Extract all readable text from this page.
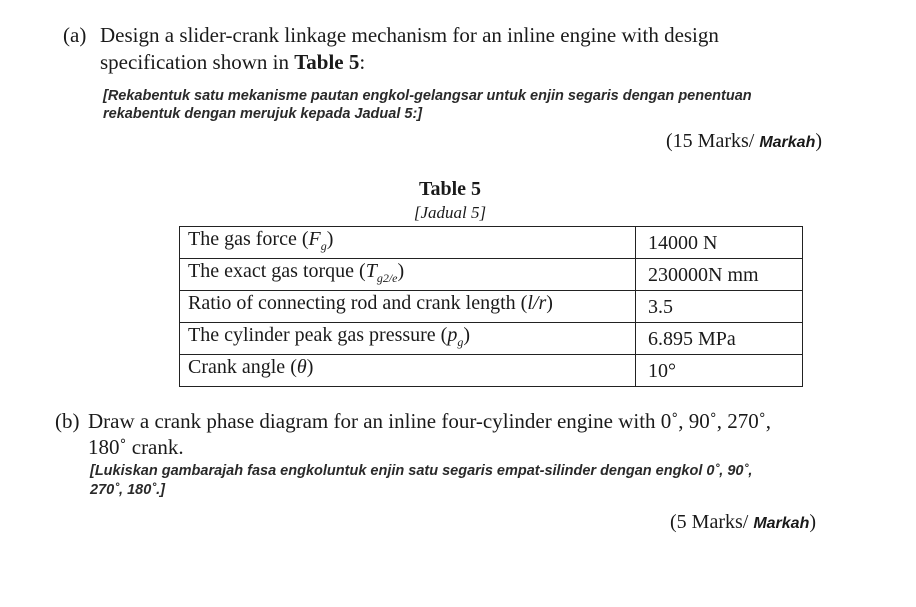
(a) Design a slider-crank linkage mechanism for an inline engine with design
specification shown in Table 5:
[Rekabentuk satu mekanisme pautan engkol-gelangsar untuk enjin segaris dengan penentuan
rekabentuk dengan merujuk kepada Jadual 5:]
(15 Marks/ Markah)
Table 5
[Jadual 5]
The gas force $(F_g)$	14000 N
The exact gas torque $(T_{g2/e})$	230000N mm
Ratio of connecting rod and crank length (l/r)	3.5
The cylinder peak gas pressure $(p_g)$	6.895 MPa
Crank angle (θ)	10°
(b) Draw a crank phase diagram for an inline four-cylinder engine with 0˚, 90˚, 270˚,
180˚ crank.
[Lukiskan gambarajah fasa engkoluntuk enjin satu segaris empat-silinder dengan engkol 0˚, 90˚,
270˚, 180˚.]
(5 Marks/ Markah)
